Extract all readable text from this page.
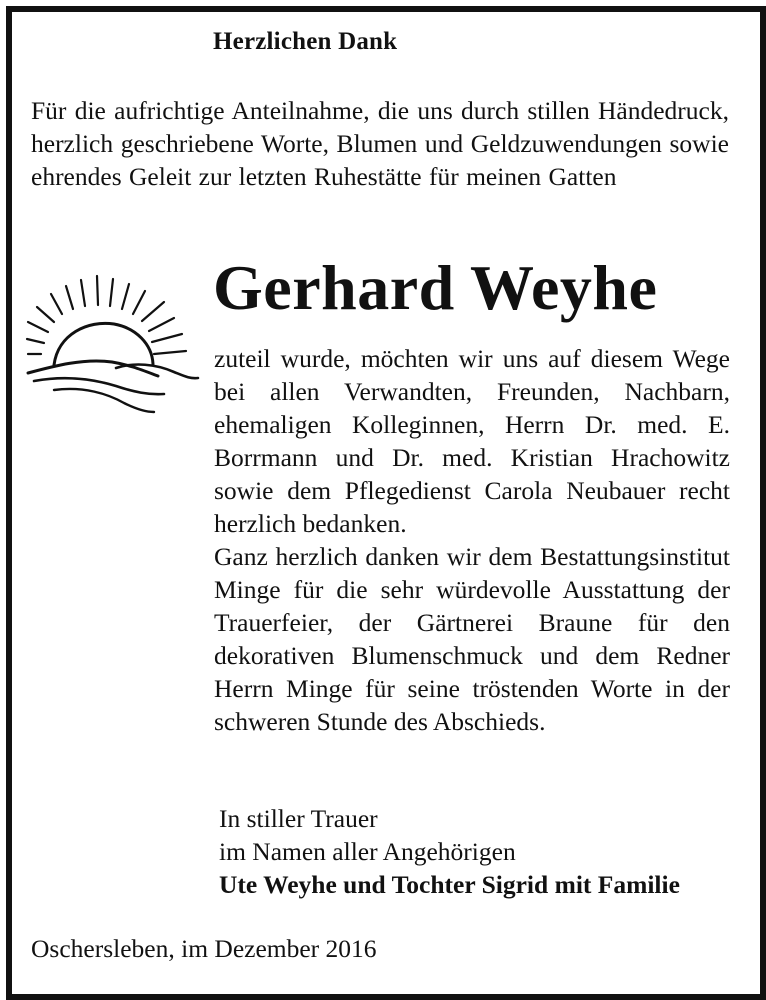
Herzlichen Dank
Für die aufrichtige Anteilnahme, die uns durch stillen Händedruck, herzlich geschriebene Worte, Blumen und Geldzuwendungen sowie ehrendes Geleit zur letzten Ruhestätte für meinen Gatten
Gerhard Weyhe

zuteil wurde, möchten wir uns auf diesem Wege bei allen Verwandten, Freunden, Nachbarn, ehemaligen Kolleginnen, Herrn Dr. med. E. Borrmann und Dr. med. Kristian Hrachowitz sowie dem Pflegedienst Carola Neubauer recht herzlich bedanken.

Ganz herzlich danken wir dem Bestattungsinstitut Minge für die sehr würdevolle Ausstattung der Trauerfeier, der Gärtnerei Braune für den dekorativen Blumenschmuck und dem Redner Herrn Minge für seine tröstenden Worte in der schweren Stunde des Abschieds.

In stiller Trauer
im Namen aller Angehörigen
Ute Weyhe und Tochter Sigrid mit Familie
Oschersleben, im Dezember 2016
